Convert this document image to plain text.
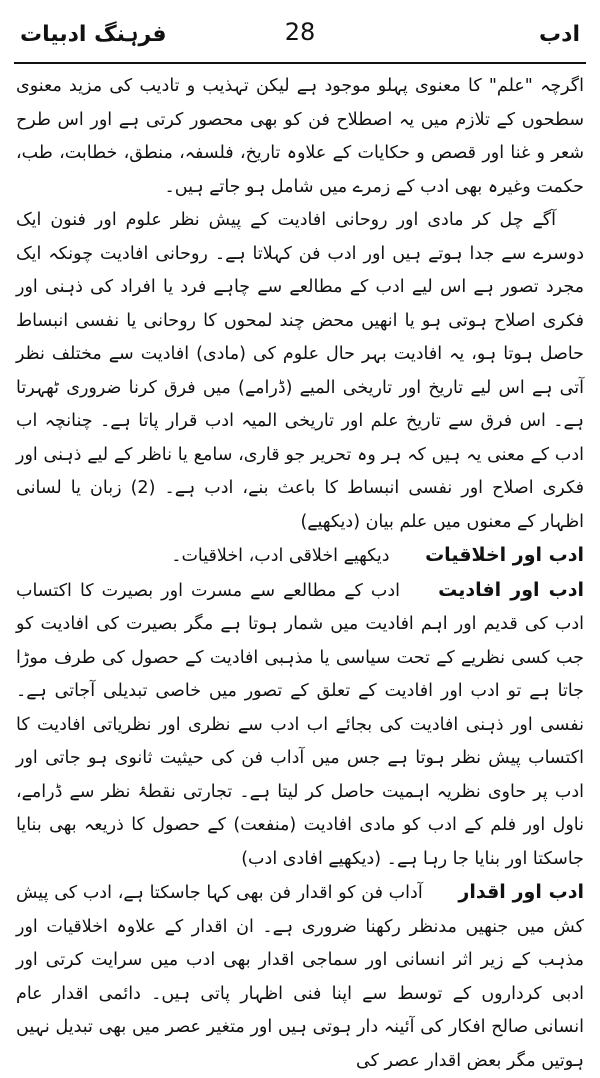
ادب
28
فرہنگ ادبیات

اگرچہ "علم" کا معنوی پہلو موجود ہے لیکن تہذیب و تادیب کی مزید معنوی سطحوں کے تلازم میں یہ اصطلاح فن کو بھی محصور کرتی ہے اور اس طرح شعر و غنا اور قصص و حکایات کے علاوہ تاریخ، فلسفہ، منطق، خطابت، طب، حکمت وغیرہ بھی ادب کے زمرے میں شامل ہو جاتے ہیں۔

آگے چل کر مادی اور روحانی افادیت کے پیش نظر علوم اور فنون ایک دوسرے سے جدا ہوتے ہیں اور ادب فن کہلاتا ہے۔ روحانی افادیت چونکہ ایک مجرد تصور ہے اس لیے ادب کے مطالعے سے چاہے فرد یا افراد کی ذہنی اور فکری اصلاح ہوتی ہو یا انھیں محض چند لمحوں کا روحانی یا نفسی انبساط حاصل ہوتا ہو، یہ افادیت بہر حال علوم کی (مادی) افادیت سے مختلف نظر آتی ہے اس لیے تاریخ اور تاریخی المیے (ڈرامے) میں فرق کرنا ضروری ٹھہرتا ہے۔ اس فرق سے تاریخ علم اور تاریخی المیہ ادب قرار پاتا ہے۔ چنانچہ اب ادب کے معنی یہ ہیں کہ ہر وہ تحریر جو قاری، سامع یا ناظر کے لیے ذہنی اور فکری اصلاح اور نفسی انبساط کا باعث بنے، ادب ہے۔ (2) زبان یا لسانی اظہار کے معنوں میں علم بیان (دیکھیے)

ادب اور اخلاقیات دیکھیے اخلاقی ادب، اخلاقیات۔

ادب اور افادیت ادب کے مطالعے سے مسرت اور بصیرت کا اکتساب ادب کی قدیم اور اہم افادیت میں شمار ہوتا ہے مگر بصیرت کی افادیت کو جب کسی نظریے کے تحت سیاسی یا مذہبی افادیت کے حصول کی طرف موڑا جاتا ہے تو ادب اور افادیت کے تعلق کے تصور میں خاصی تبدیلی آجاتی ہے۔ نفسی اور ذہنی افادیت کی بجائے اب ادب سے نظری اور نظریاتی افادیت کا اکتساب پیش نظر ہوتا ہے جس میں آداب فن کی حیثیت ثانوی ہو جاتی اور ادب پر حاوی نظریہ اہمیت حاصل کر لیتا ہے۔ تجارتی نقطۂ نظر سے ڈرامے، ناول اور فلم کے ادب کو مادی افادیت (منفعت) کے حصول کا ذریعہ بھی بنایا جاسکتا اور بنایا جا رہا ہے۔ (دیکھیے افادی ادب)

ادب اور اقدار آداب فن کو اقدار فن بھی کہا جاسکتا ہے، ادب کی پیش کش میں جنھیں مدنظر رکھنا ضروری ہے۔ ان اقدار کے علاوہ اخلاقیات اور مذہب کے زیر اثر انسانی اور سماجی اقدار بھی ادب میں سرایت کرتی اور ادبی کرداروں کے توسط سے اپنا فنی اظہار پاتی ہیں۔ دائمی اقدار عام انسانی صالح افکار کی آئینہ دار ہوتی ہیں اور متغیر عصر میں بھی تبدیل نہیں ہوتیں مگر بعض اقدار عصر کی
